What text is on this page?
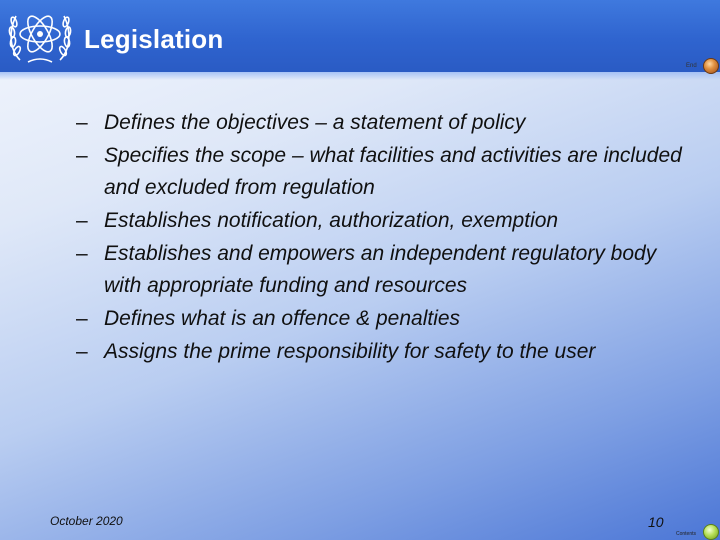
Legislation
End
– Defines the objectives – a statement of policy
– Specifies the scope – what facilities and activities are included and excluded from regulation
– Establishes notification, authorization, exemption
– Establishes and empowers an independent regulatory body with appropriate funding and resources
– Defines what is an offence & penalties
– Assigns the prime responsibility for safety to the user
October 2020	10
Contents
